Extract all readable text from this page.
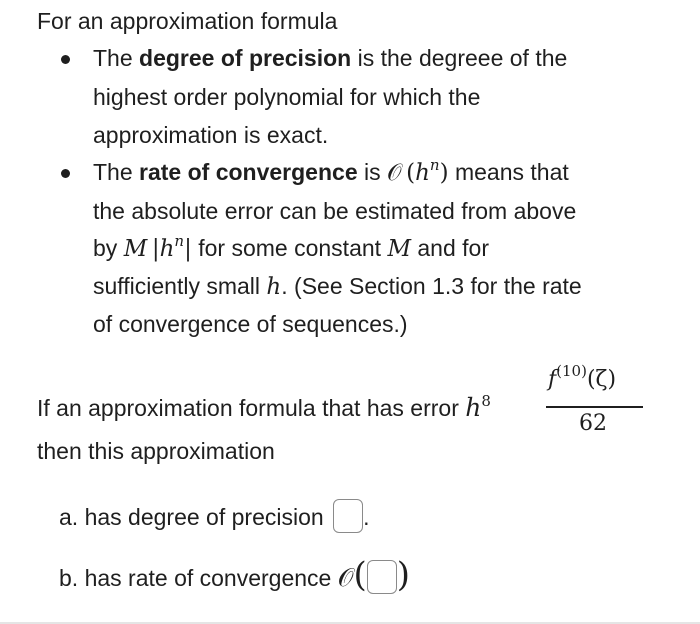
For an approximation formula
The degree of precision is the degreee of the
highest order polynomial for which the
approximation is exact.
The rate of convergence is 𝒪 $(h^n)$ means that
the absolute error can be estimated from above
by M $|h^n|$ for some constant M and for
sufficiently small h. (See Section 1.3 for the rate
of convergence of sequences.)
If an approximation formula that has error $h^8$
$f^{(10)}(\zeta)$
62
then this approximation
a. has degree of precision .
b. has rate of convergence 𝒪( )
